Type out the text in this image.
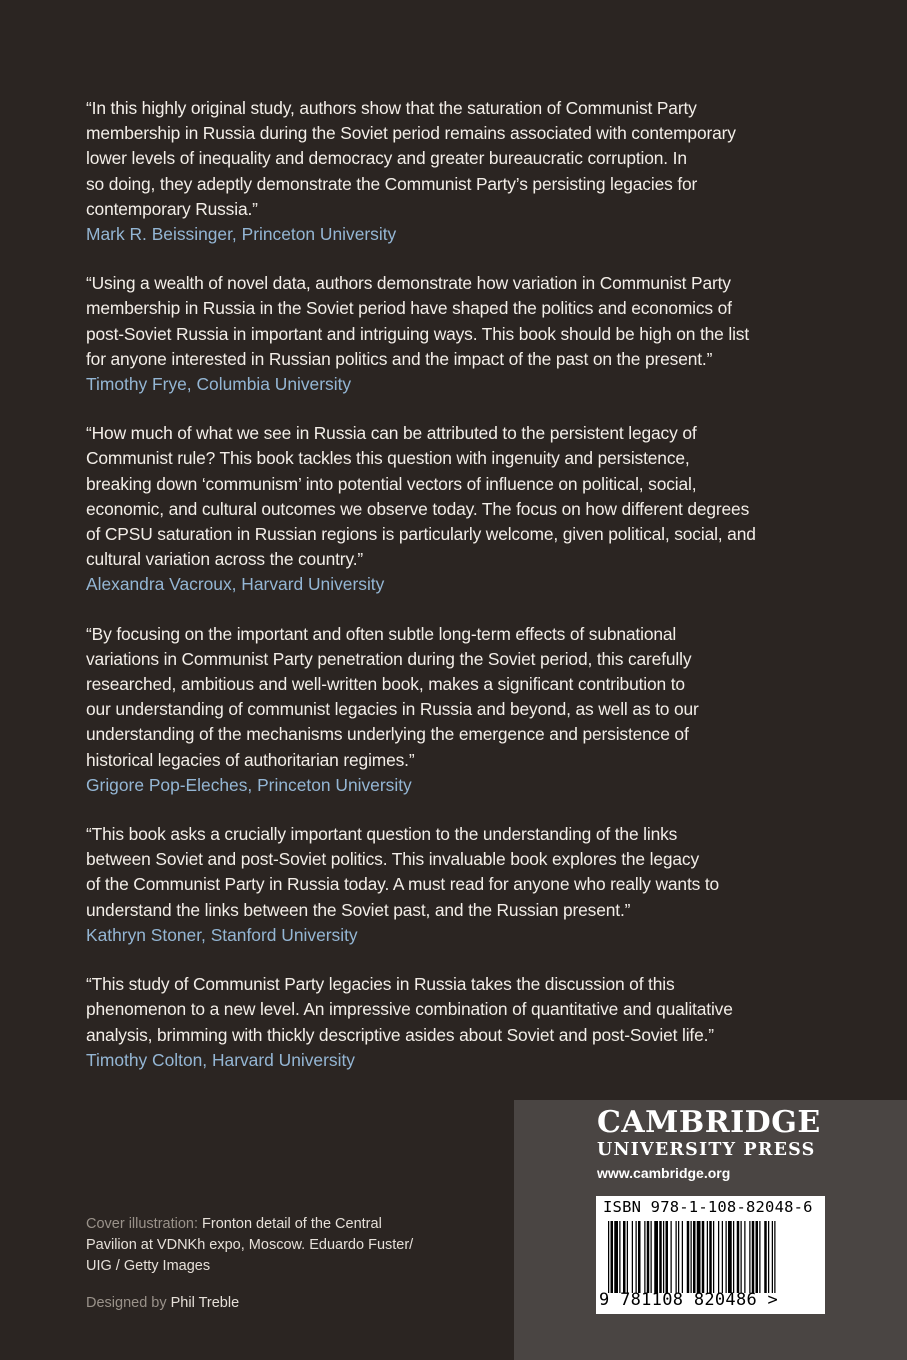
“In this highly original study, authors show that the saturation of Communist Party
membership in Russia during the Soviet period remains associated with contemporary
lower levels of inequality and democracy and greater bureaucratic corruption. In
so doing, they adeptly demonstrate the Communist Party’s persisting legacies for
contemporary Russia.”

Mark R. Beissinger, Princeton University

“Using a wealth of novel data, authors demonstrate how variation in Communist Party
membership in Russia in the Soviet period have shaped the politics and economics of
post-Soviet Russia in important and intriguing ways. This book should be high on the list
for anyone interested in Russian politics and the impact of the past on the present.”

Timothy Frye, Columbia University

“How much of what we see in Russia can be attributed to the persistent legacy of
Communist rule? This book tackles this question with ingenuity and persistence,
breaking down ‘communism’ into potential vectors of influence on political, social,
economic, and cultural outcomes we observe today. The focus on how different degrees
of CPSU saturation in Russian regions is particularly welcome, given political, social, and
cultural variation across the country.”

Alexandra Vacroux, Harvard University

“By focusing on the important and often subtle long-term effects of subnational
variations in Communist Party penetration during the Soviet period, this carefully
researched, ambitious and well-written book, makes a significant contribution to
our understanding of communist legacies in Russia and beyond, as well as to our
understanding of the mechanisms underlying the emergence and persistence of
historical legacies of authoritarian regimes.”

Grigore Pop-Eleches, Princeton University

“This book asks a crucially important question to the understanding of the links
between Soviet and post-Soviet politics. This invaluable book explores the legacy
of the Communist Party in Russia today. A must read for anyone who really wants to
understand the links between the Soviet past, and the Russian present.”

Kathryn Stoner, Stanford University

“This study of Communist Party legacies in Russia takes the discussion of this
phenomenon to a new level. An impressive combination of quantitative and qualitative
analysis, brimming with thickly descriptive asides about Soviet and post-Soviet life.”

Timothy Colton, Harvard University

Cover illustration: Fronton detail of the Central
Pavilion at VDNKh expo, Moscow. Eduardo Fuster/
UIG / Getty Images

Designed by Phil Treble

CAMBRIDGE
UNIVERSITY PRESS
www.cambridge.org
ISBN 978-1-108-82048-6
9 781108 820486 >
